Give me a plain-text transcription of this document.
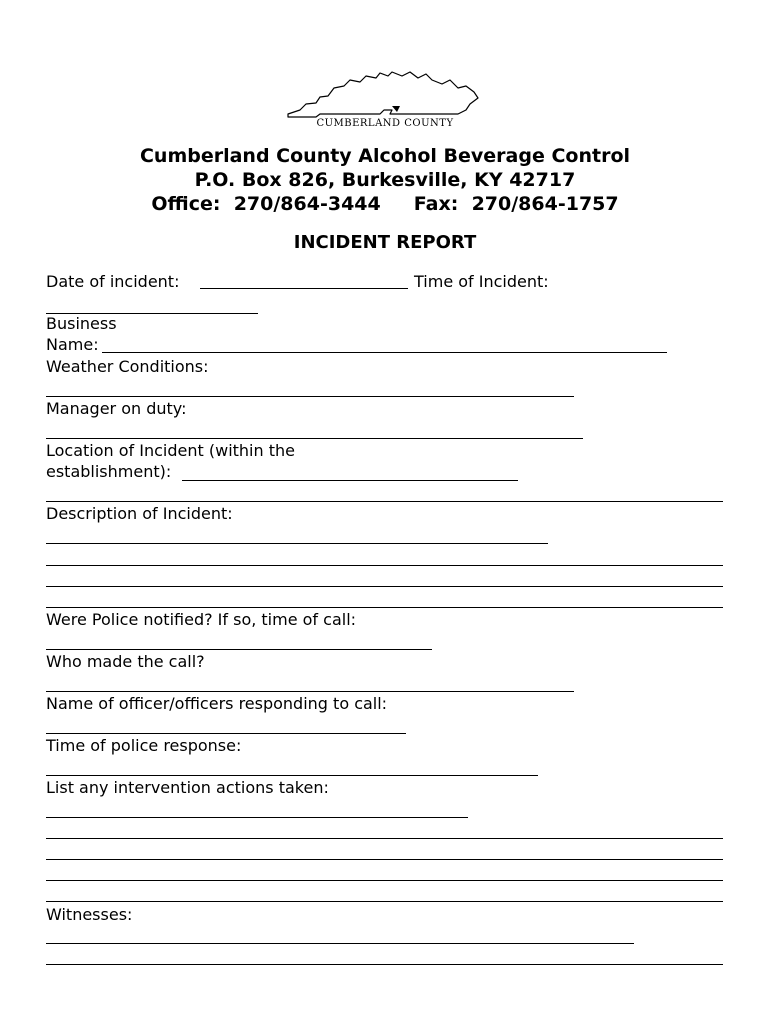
CUMBERLAND COUNTY
Cumberland County Alcohol Beverage Control
P.O. Box 826, Burkesville, KY 42717
Office:  270/864-3444     Fax:  270/864-1757
INCIDENT REPORT
Date of incident:	Time of Incident:
Business
Name:
Weather Conditions:
Manager on duty:
Location of Incident (within the
establishment):
Description of Incident:
Were Police notified? If so, time of call:
Who made the call?
Name of officer/officers responding to call:
Time of police response:
List any intervention actions taken:
Witnesses:
